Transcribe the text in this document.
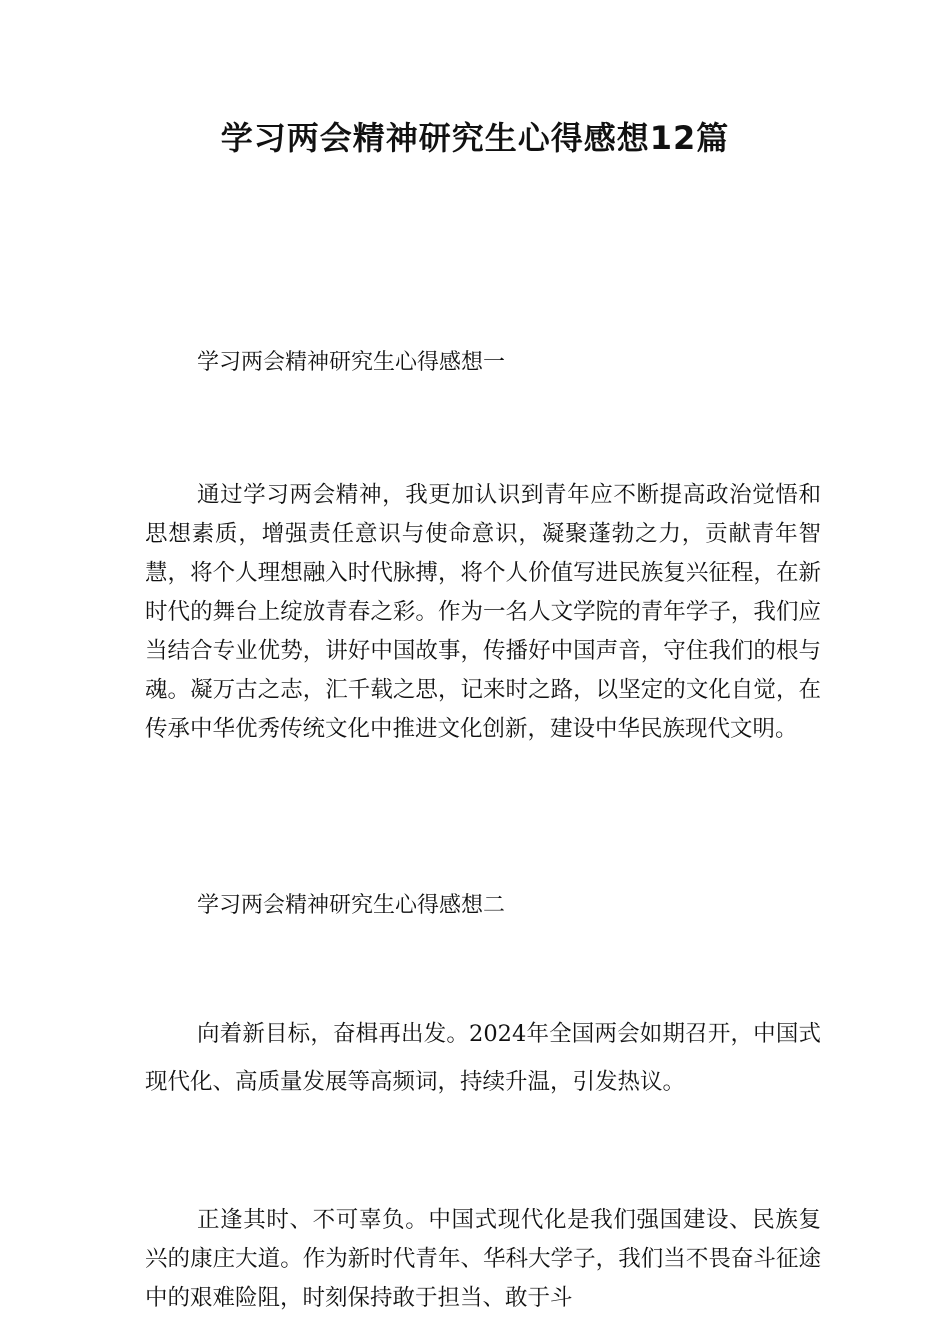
学习两会精神研究生心得感想12篇

学习两会精神研究生心得感想一

通过学习两会精神，我更加认识到青年应不断提高政治觉悟和思想素质，增强责任意识与使命意识，凝聚蓬勃之力，贡献青年智慧，将个人理想融入时代脉搏，将个人价值写进民族复兴征程，在新时代的舞台上绽放青春之彩。作为一名人文学院的青年学子，我们应当结合专业优势，讲好中国故事，传播好中国声音，守住我们的根与魂。凝万古之志，汇千载之思，记来时之路，以坚定的文化自觉，在传承中华优秀传统文化中推进文化创新，建设中华民族现代文明。

学习两会精神研究生心得感想二

向着新目标，奋楫再出发。2024年全国两会如期召开，中国式现代化、高质量发展等高频词，持续升温，引发热议。

正逢其时、不可辜负。中国式现代化是我们强国建设、民族复兴的康庄大道。作为新时代青年、华科大学子，我们当不畏奋斗征途中的艰难险阻，时刻保持敢于担当、敢于斗
